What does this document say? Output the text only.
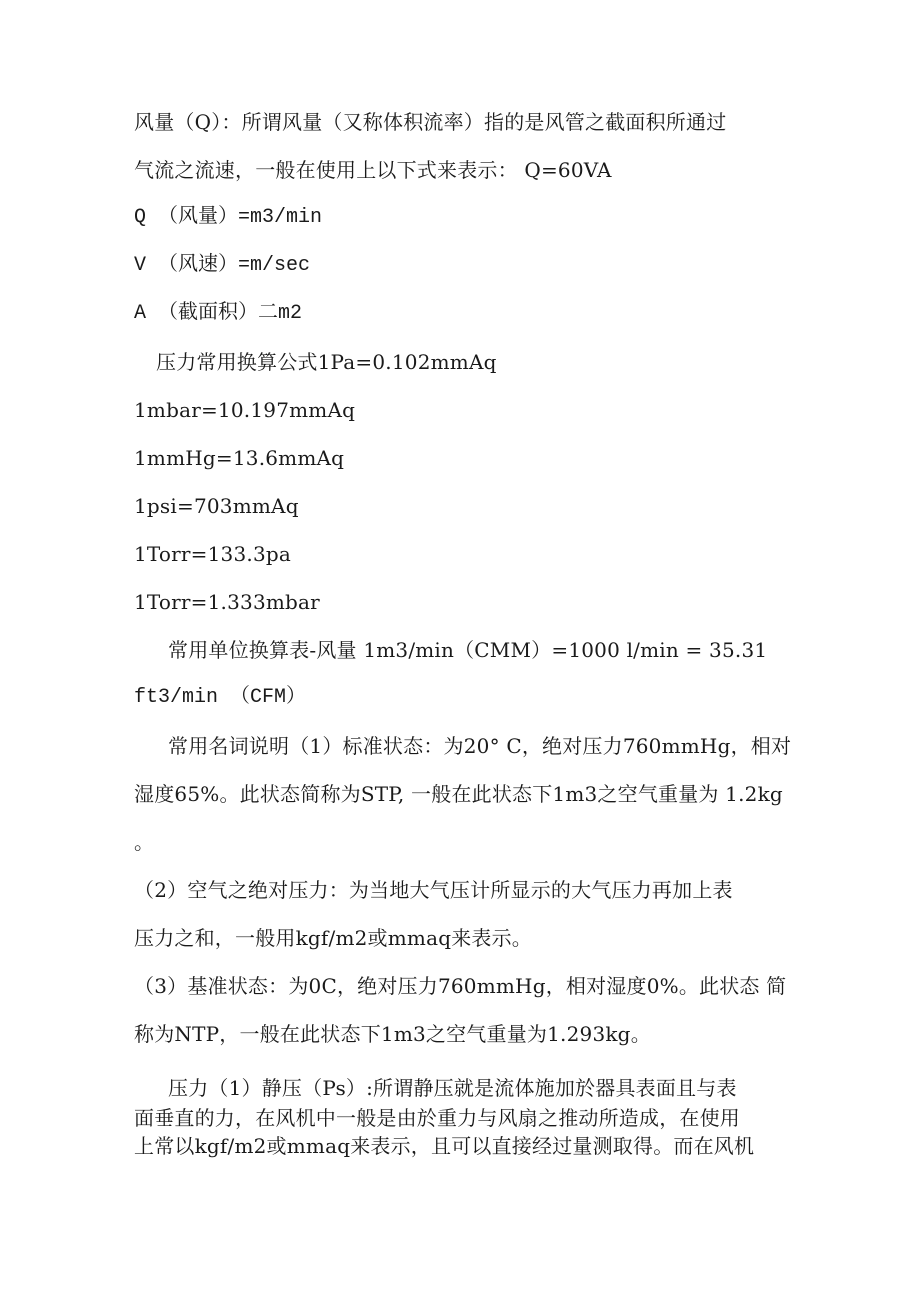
风量（Q）：所谓风量（又称体积流率）指的是风管之截面积所通过
气流之流速，一般在使用上以下式来表示： Q=60VA
Q （风量）=m3/min
V （风速）=m/sec
A （截面积）二m2
压力常用换算公式1Pa=0.102mmAq
1mbar=10.197mmAq
1mmHg=13.6mmAq
1psi=703mmAq
1Torr=133.3pa
1Torr=1.333mbar
常用单位换算表-风量 1m3/min（CMM）=1000 l/min = 35.31
ft3/min （CFM）
常用名词说明（1）标准状态：为20° C，绝对压力760mmHg，相对
湿度65%。此状态简称为STP, 一般在此状态下1m3之空气重量为 1.2kg
。
（2）空气之绝对压力：为当地大气压计所显示的大气压力再加上表
压力之和，一般用kgf/m2或mmaq来表示。
（3）基准状态：为0C，绝对压力760mmHg，相对湿度0%。此状态 简
称为NTP，一般在此状态下1m3之空气重量为1.293kg。
压力（1）静压（Ps）:所谓静压就是流体施加於器具表面且与表
面垂直的力，在风机中一般是由於重力与风扇之推动所造成，在使用
上常以kgf/m2或mmaq来表示，且可以直接经过量测取得。而在风机
